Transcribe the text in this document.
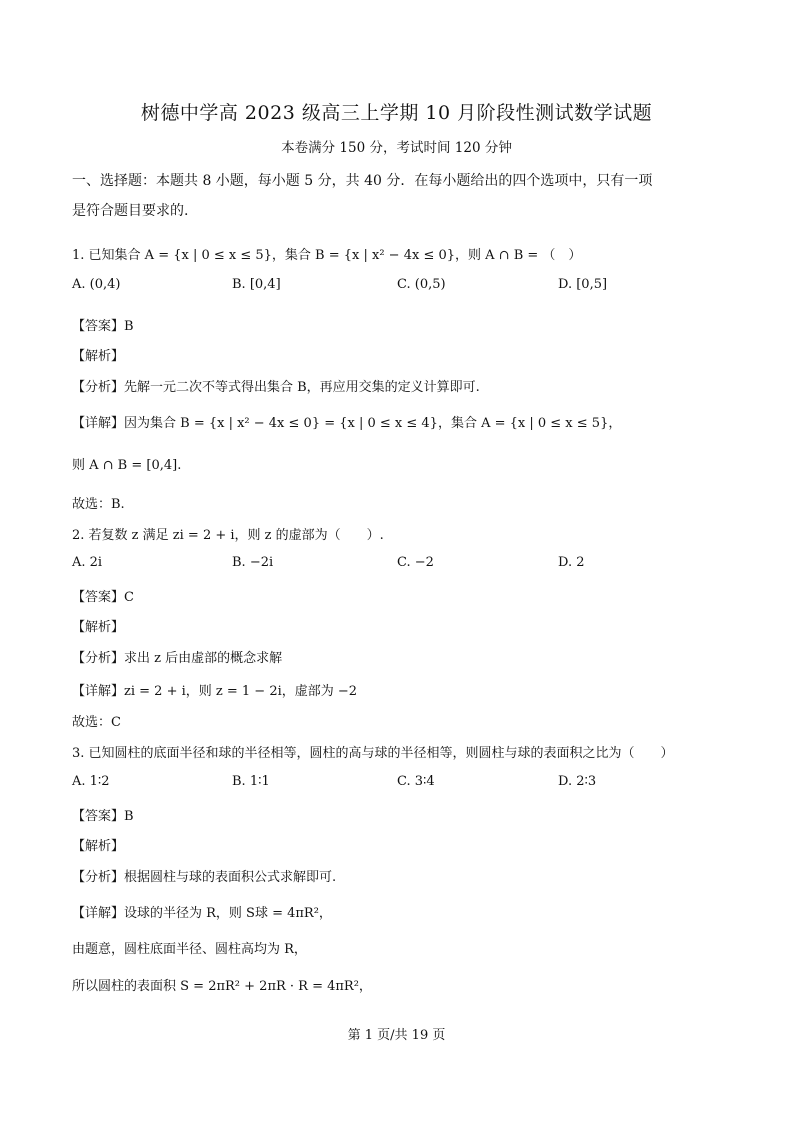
树德中学高 2023 级高三上学期 10 月阶段性测试数学试题
本卷满分 150 分，考试时间 120 分钟
一、选择题：本题共 8 小题，每小题 5 分，共 40 分．在每小题给出的四个选项中，只有一项
是符合题目要求的.
1. 已知集合 A = {x | 0 ≤ x ≤ 5}，集合 B = {x | x² − 4x ≤ 0}，则 A ∩ B = （　）
A. (0,4)	B. [0,4]	C. (0,5)	D. [0,5]
【答案】B
【解析】
【分析】先解一元二次不等式得出集合 B，再应用交集的定义计算即可.
【详解】因为集合 B = {x | x² − 4x ≤ 0} = {x | 0 ≤ x ≤ 4}，集合 A = {x | 0 ≤ x ≤ 5}，
则 A ∩ B = [0,4].
故选：B.
2. 若复数 z 满足 zi = 2 + i，则 z 的虚部为（　　）.
A. 2i	B. −2i	C. −2	D. 2
【答案】C
【解析】
【分析】求出 z 后由虚部的概念求解
【详解】zi = 2 + i，则 z = 1 − 2i，虚部为 −2
故选：C
3. 已知圆柱的底面半径和球的半径相等，圆柱的高与球的半径相等，则圆柱与球的表面积之比为（　　）
A. 1∶2	B. 1∶1	C. 3∶4	D. 2∶3
【答案】B
【解析】
【分析】根据圆柱与球的表面积公式求解即可.
【详解】设球的半径为 R，则 S球 = 4πR²，
由题意，圆柱底面半径、圆柱高均为 R，
所以圆柱的表面积 S = 2πR² + 2πR · R = 4πR²，
第 1 页/共 19 页
